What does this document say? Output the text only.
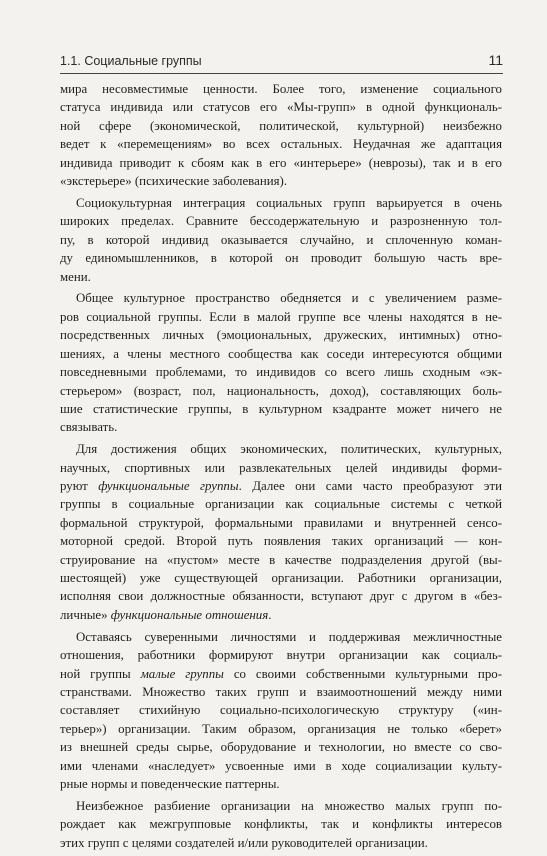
1.1. Социальные группы	11
мира несовместимые ценности. Более того, изменение социального
статуса индивида или статусов его «Мы-групп» в одной функциональ-
ной сфере (экономической, политической, культурной) неизбежно
ведет к «перемещениям» во всех остальных. Неудачная же адаптация
индивида приводит к сбоям как в его «интерьере» (неврозы), так и в его
«экстерьере» (психические заболевания).
Социокультурная интеграция социальных групп варьируется в очень
широких пределах. Сравните бессодержательную и разрозненную тол-
пу, в которой индивид оказывается случайно, и сплоченную коман-
ду единомышленников, в которой он проводит большую часть вре-
мени.
Общее культурное пространство обедняется и с увеличением разме-
ров социальной группы. Если в малой группе все члены находятся в не-
посредственных личных (эмоциональных, дружеских, интимных) отно-
шениях, а члены местного сообщества как соседи интересуются общими
повседневными проблемами, то индивидов со всего лишь сходным «эк-
стерьером» (возраст, пол, национальность, доход), составляющих боль-
шие статистические группы, в культурном кзадранте может ничего не
связывать.
Для достижения общих экономических, политических, культурных,
научных, спортивных или развлекательных целей индивиды форми-
руют функциональные группы. Далее они сами часто преобразуют эти
группы в социальные организации как социальные системы с четкой
формальной структурой, формальными правилами и внутренней сенсо-
моторной средой. Второй путь появления таких организаций — кон-
струирование на «пустом» месте в качестве подразделения другой (вы-
шестоящей) уже существующей организации. Работники организации,
исполняя свои должностные обязанности, вступают друг с другом в «без-
личные» функциональные отношения.
Оставаясь суверенными личностями и поддерживая межличностные
отношения, работники формируют внутри организации как социаль-
ной группы малые группы со своими собственными культурными про-
странствами. Множество таких групп и взаимоотношений между ними
составляет стихийную социально-психологическую структуру («ин-
терьер») организации. Таким образом, организация не только «берет»
из внешней среды сырье, оборудование и технологии, но вместе со сво-
ими членами «наследует» усвоенные ими в ходе социализации культу-
рные нормы и поведенческие паттерны.
Неизбежное разбиение организации на множество малых групп по-
рождает как межгрупповые конфликты, так и конфликты интересов
этих групп с целями создателей и/или руководителей организации.
